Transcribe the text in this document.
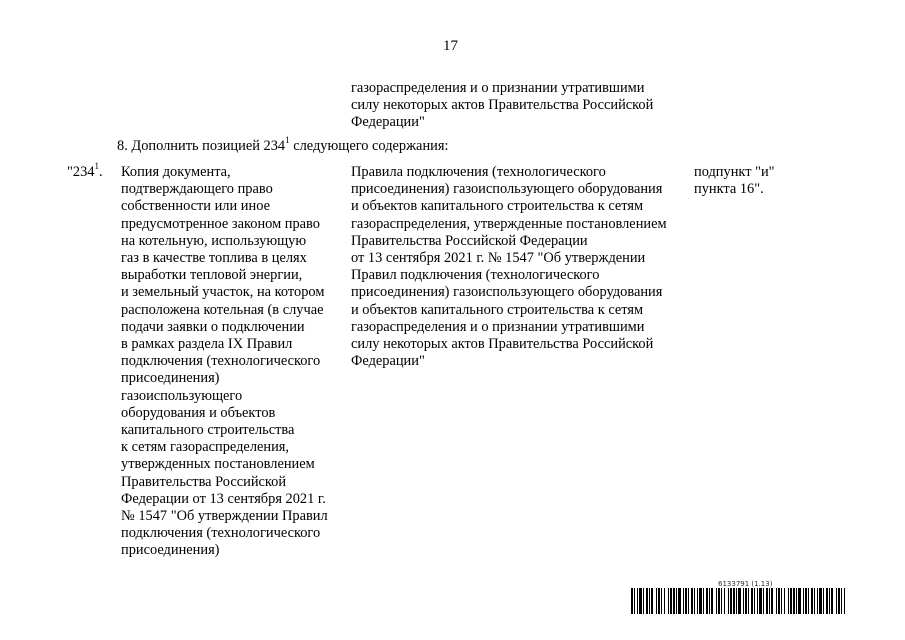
17
газораспределения и о признании утратившими
силу некоторых актов Правительства Российской
Федерации"
8. Дополнить позицией $234^1$ следующего содержания:
"$234^1$. Копия документа,
подтверждающего право
собственности или иное
предусмотренное законом право
на котельную, использующую
газ в качестве топлива в целях
выработки тепловой энергии,
и земельный участок, на котором
расположена котельная (в случае
подачи заявки о подключении
в рамках раздела IX Правил
подключения (технологического
присоединения)
газоиспользующего
оборудования и объектов
капитального строительства
к сетям газораспределения,
утвержденных постановлением
Правительства Российской
Федерации от 13 сентября 2021 г.
№ 1547 "Об утверждении Правил
подключения (технологического
присоединения)
Правила подключения (технологического
присоединения) газоиспользующего оборудования
и объектов капитального строительства к сетям
газораспределения, утвержденные постановлением
Правительства Российской Федерации
от 13 сентября 2021 г. № 1547 "Об утверждении
Правил подключения (технологического
присоединения) газоиспользующего оборудования
и объектов капитального строительства к сетям
газораспределения и о признании утратившими
силу некоторых актов Правительства Российской
Федерации"
подпункт "и"
пункта 16".
6133791 (1.13)
